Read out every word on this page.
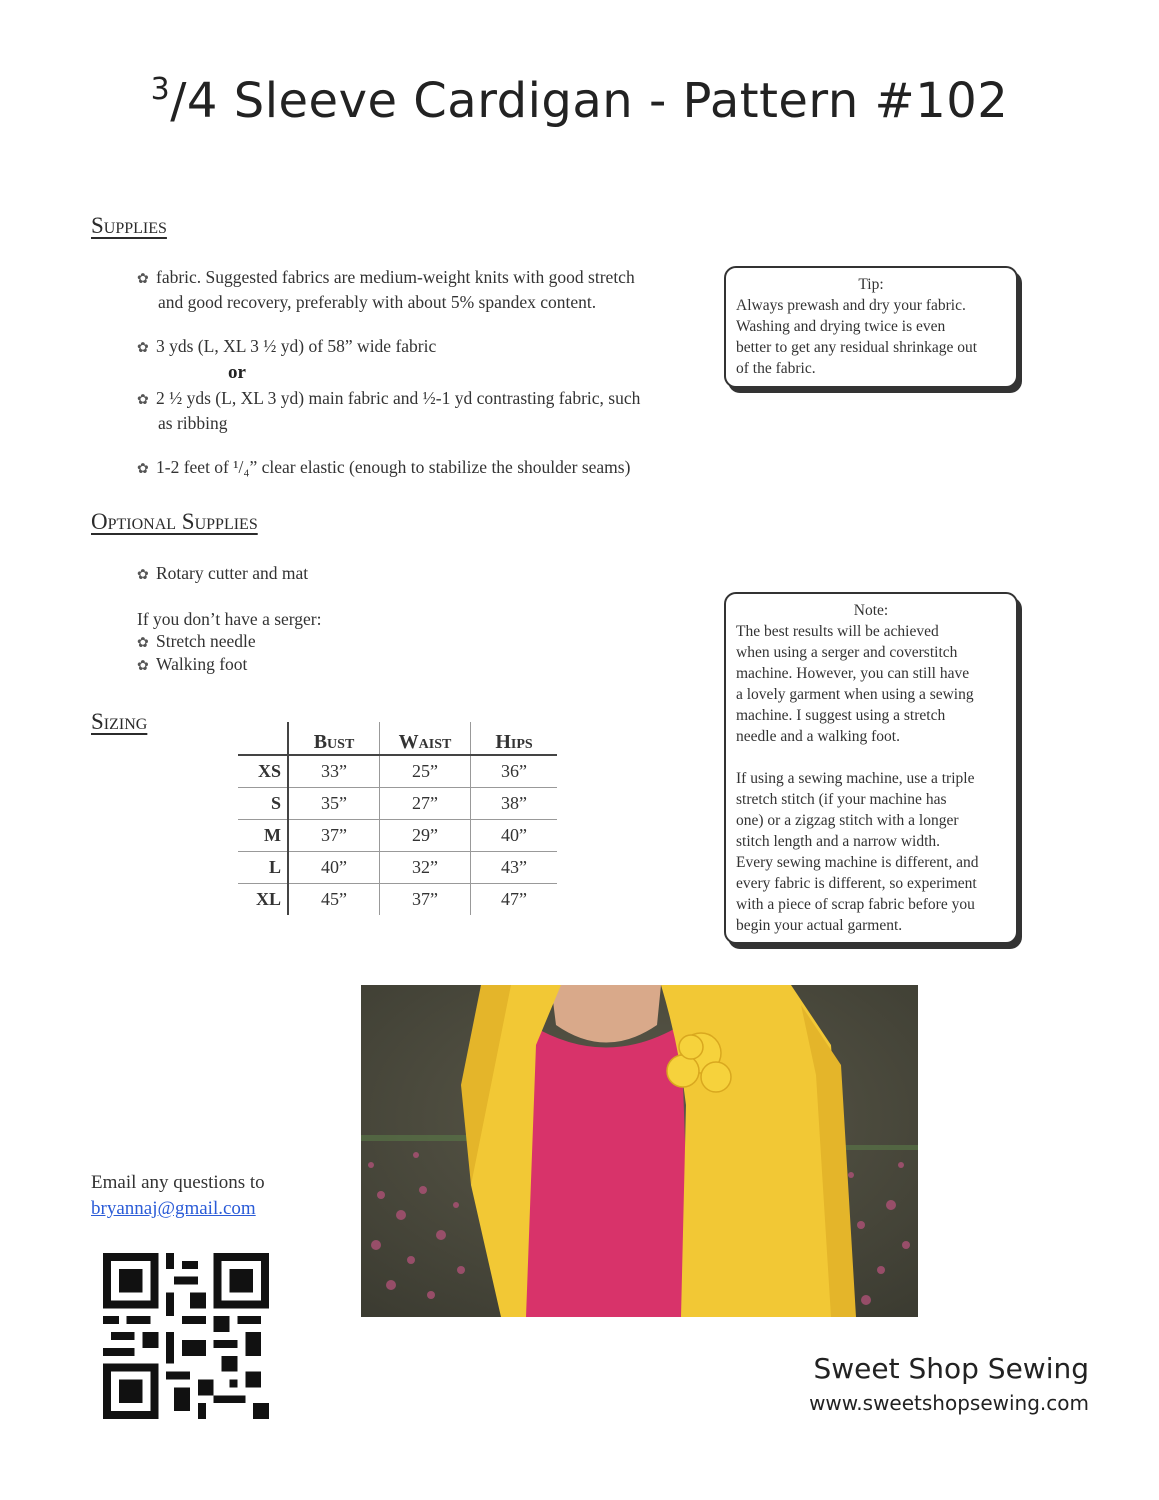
$^3$/4 Sleeve Cardigan - Pattern #102
Supplies
✿ fabric. Suggested fabrics are medium-weight knits with good stretch
and good recovery, preferably with about 5% spandex content.
✿ 3 yds (L, XL 3 ½ yd) of 58” wide fabric
or
✿ 2 ½ yds (L, XL 3 yd) main fabric and ½-1 yd contrasting fabric, such
as ribbing
✿ 1-2 feet of ¹/₄” clear elastic (enough to stabilize the shoulder seams)
Tip:
Always prewash and dry your fabric.
Washing and drying twice is even
better to get any residual shrinkage out
of the fabric.
Optional Supplies
✿ Rotary cutter and mat
If you don’t have a serger:
✿ Stretch needle
✿ Walking foot
Note:
The best results will be achieved
when using a serger and coverstitch
machine. However, you can still have
a lovely garment when using a sewing
machine. I suggest using a stretch
needle and a walking foot.
If using a sewing machine, use a triple
stretch stitch (if your machine has
one) or a zigzag stitch with a longer
stitch length and a narrow width.
Every sewing machine is different, and
every fabric is different, so experiment
with a piece of scrap fabric before you
begin your actual garment.
Sizing
	Bust	Waist	Hips
XS	33”	25”	36”
S	35”	27”	38”
M	37”	29”	40”
L	40”	32”	43”
XL	45”	37”	47”
Email any questions to
bryannaj@gmail.com
Sweet Shop Sewing
www.sweetshopsewing.com
